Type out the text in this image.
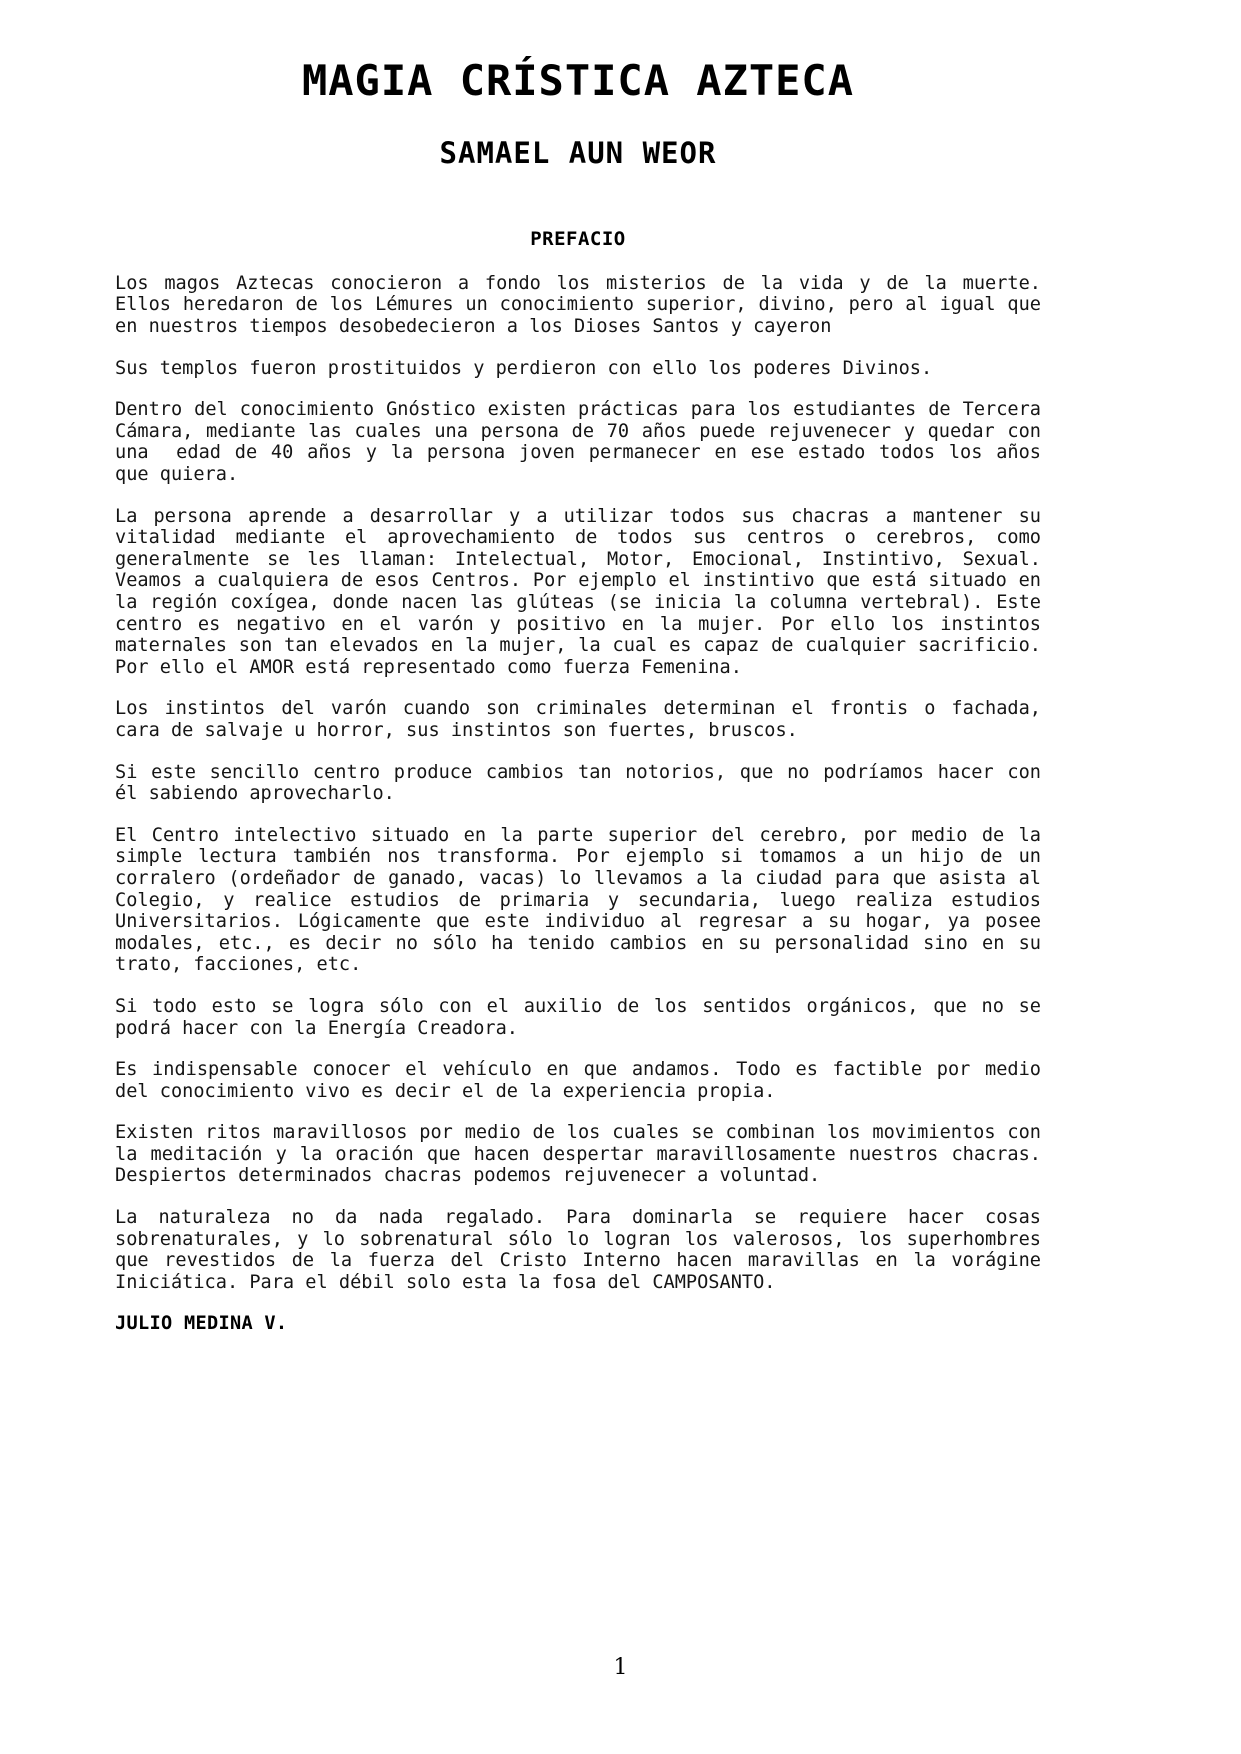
MAGIA CRÍSTICA AZTECA
SAMAEL AUN WEOR
PREFACIO

Los magos Aztecas conocieron a fondo los misterios de la vida y de la muerte. Ellos heredaron de los Lémures un conocimiento superior, divino, pero al igual que en nuestros tiempos desobedecieron a los Dioses Santos y cayeron

Sus templos fueron prostituidos y perdieron con ello los poderes Divinos.

Dentro del conocimiento Gnóstico existen prácticas para los estudiantes de Tercera Cámara, mediante las cuales una persona de 70 años puede rejuvenecer y quedar con una  edad de 40 años y la persona joven permanecer en ese estado todos los años que quiera.

La persona aprende a desarrollar y a utilizar todos sus chacras a mantener su vitalidad mediante el aprovechamiento de todos sus centros o cerebros, como generalmente se les llaman: Intelectual, Motor, Emocional, Instintivo, Sexual. Veamos a cualquiera de esos Centros. Por ejemplo el instintivo que está situado en la región coxígea, donde nacen las glúteas (se inicia la columna vertebral). Este centro es negativo en el varón y positivo en la mujer. Por ello los instintos maternales son tan elevados en la mujer, la cual es capaz de cualquier sacrificio. Por ello el AMOR está representado como fuerza Femenina.

Los instintos del varón cuando son criminales determinan el frontis o fachada, cara de salvaje u horror, sus instintos son fuertes, bruscos.

Si este sencillo centro produce cambios tan notorios, que no podríamos hacer con él sabiendo aprovecharlo.

El Centro intelectivo situado en la parte superior del cerebro, por medio de la simple lectura también nos transforma. Por ejemplo si tomamos a un hijo de un corralero (ordeñador de ganado, vacas) lo llevamos a la ciudad para que asista al Colegio, y realice estudios de primaria y secundaria, luego realiza estudios Universitarios. Lógicamente que este individuo al regresar a su hogar, ya posee modales, etc., es decir no sólo ha tenido cambios en su personalidad sino en su trato, facciones, etc.

Si todo esto se logra sólo con el auxilio de los sentidos orgánicos, que no se podrá hacer con la Energía Creadora.

Es indispensable conocer el vehículo en que andamos. Todo es factible por medio del conocimiento vivo es decir el de la experiencia propia.

Existen ritos maravillosos por medio de los cuales se combinan los movimientos con la meditación y la oración que hacen despertar maravillosamente nuestros chacras. Despiertos determinados chacras podemos rejuvenecer a voluntad.

La naturaleza no da nada regalado. Para dominarla se requiere hacer cosas sobrenaturales, y lo sobrenatural sólo lo logran los valerosos, los superhombres que revestidos de la fuerza del Cristo Interno hacen maravillas en la vorágine Iniciática. Para el débil solo esta la fosa del CAMPOSANTO.

JULIO MEDINA V.
1
